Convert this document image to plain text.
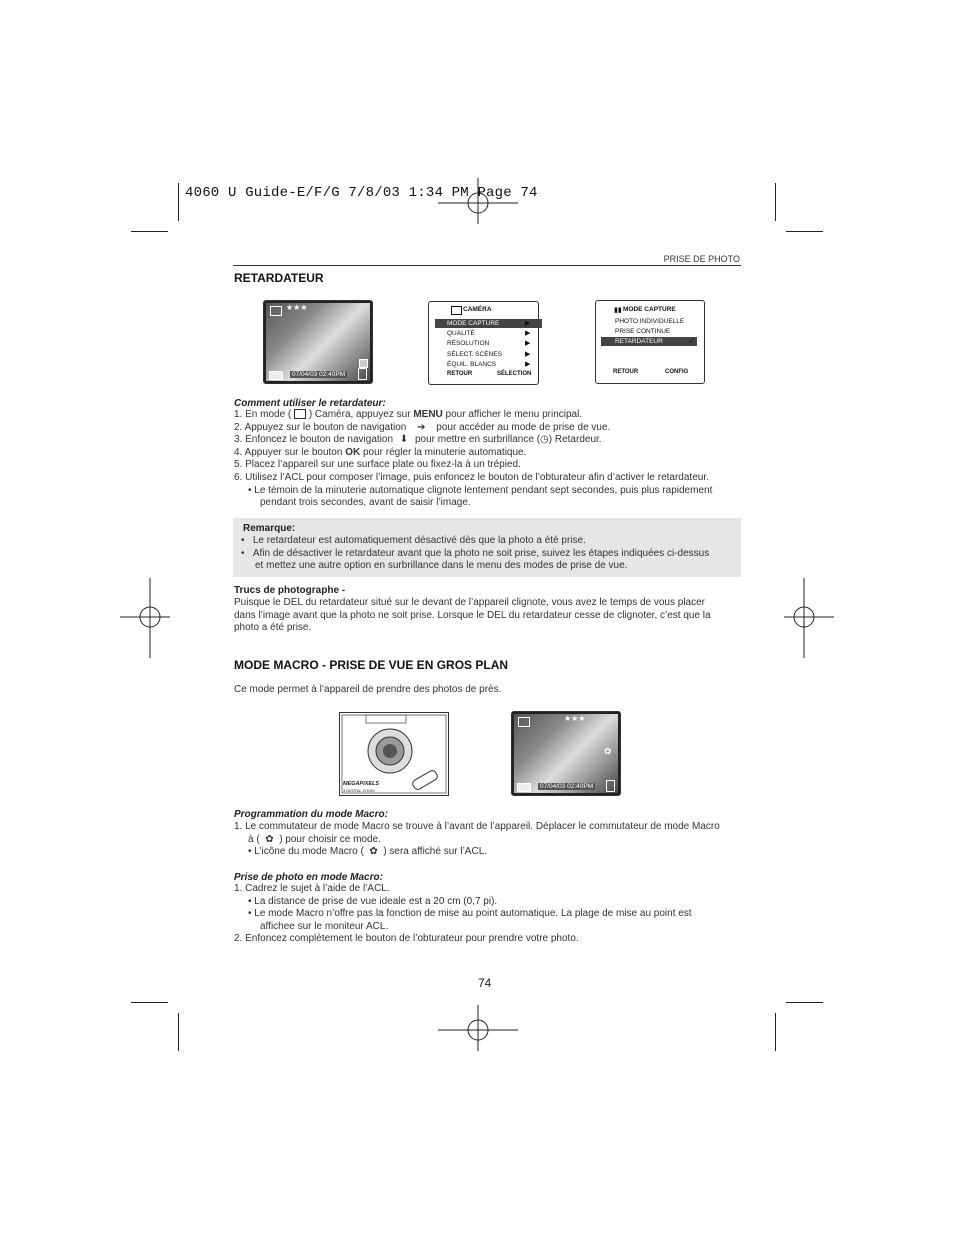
4060 U Guide-E/F/G 7/8/03 1:34 PM Page 74
PRISE DE PHOTO
RETARDATEUR
★★★
07/04/03 02:40PM
CAMÉRA
MODE CAPTURE
QUALITÉ
RÉSOLUTION
SÉLECT. SCÈNES
ÉQUIL. BLANCS
▶
▶
▶
▶
▶
RETOUR	SÉLECTION
▮▮ MODE CAPTURE
PHOTO INDIVIDUELLE
PRISE CONTINUE
RETARDATEUR	✓
RETOUR	CONFIG
Comment utiliser le retardateur:
1. En mode ( ) Caméra, appuyez sur MENU pour afficher le menu principal.
2. Appuyez sur le bouton de navigation ➔ pour accéder au mode de prise de vue.
3. Enfoncez le bouton de navigation ⬇ pour mettre en surbrillance (◷) Retardeur.
4. Appuyer sur le bouton OK pour régler la minuterie automatique.
5. Placez l’appareil sur une surface plate ou fixez-la à un trépied.
6. Utilisez l’ACL pour composer l’image, puis enfoncez le bouton de l’obturateur afin d’activer le retardateur.
• Le témoin de la minuterie automatique clignote lentement pendant sept secondes, puis plus rapidement
pendant trois secondes, avant de saisir l’image.
Remarque:
•   Le retardateur est automatiquement désactivé dès que la photo a été prise.
•   Afin de désactiver le retardateur avant que la photo ne soit prise, suivez les étapes indiquées ci-dessus
et mettez une autre option en surbrillance dans le menu des modes de prise de vue.
Trucs de photographe -
Puisque le DEL du retardateur situé sur le devant de l’appareil clignote, vous avez le temps de vous placer
dans l’image avant que la photo ne soit prise. Lorsque le DEL du retardateur cesse de clignoter, c’est que la
photo a été prise.
MODE MACRO - PRISE DE VUE EN GROS PLAN
Ce mode permet à l’appareil de prendre des photos de près.
MEGAPIXELS
3 DIGITAL ZOOM
★★★
✿
07/04/03 02:40PM
Programmation du mode Macro:
1. Le commutateur de mode Macro se trouve à l’avant de l’appareil. Déplacer le commutateur de mode Macro
à ( ✿ ) pour choisir ce mode.
• L’icône du mode Macro ( ✿ ) sera affiché sur l’ACL.
Prise de photo en mode Macro:
1. Cadrez le sujet à l’aide de l’ACL.
• La distance de prise de vue ideale est a 20 cm (0,7 pi).
• Le mode Macro n’offre pas la fonction de mise au point automatique. La plage de mise au point est
affichee sur le moniteur ACL.
2. Enfoncez complètement le bouton de l’obturateur pour prendre votre photo.
74
